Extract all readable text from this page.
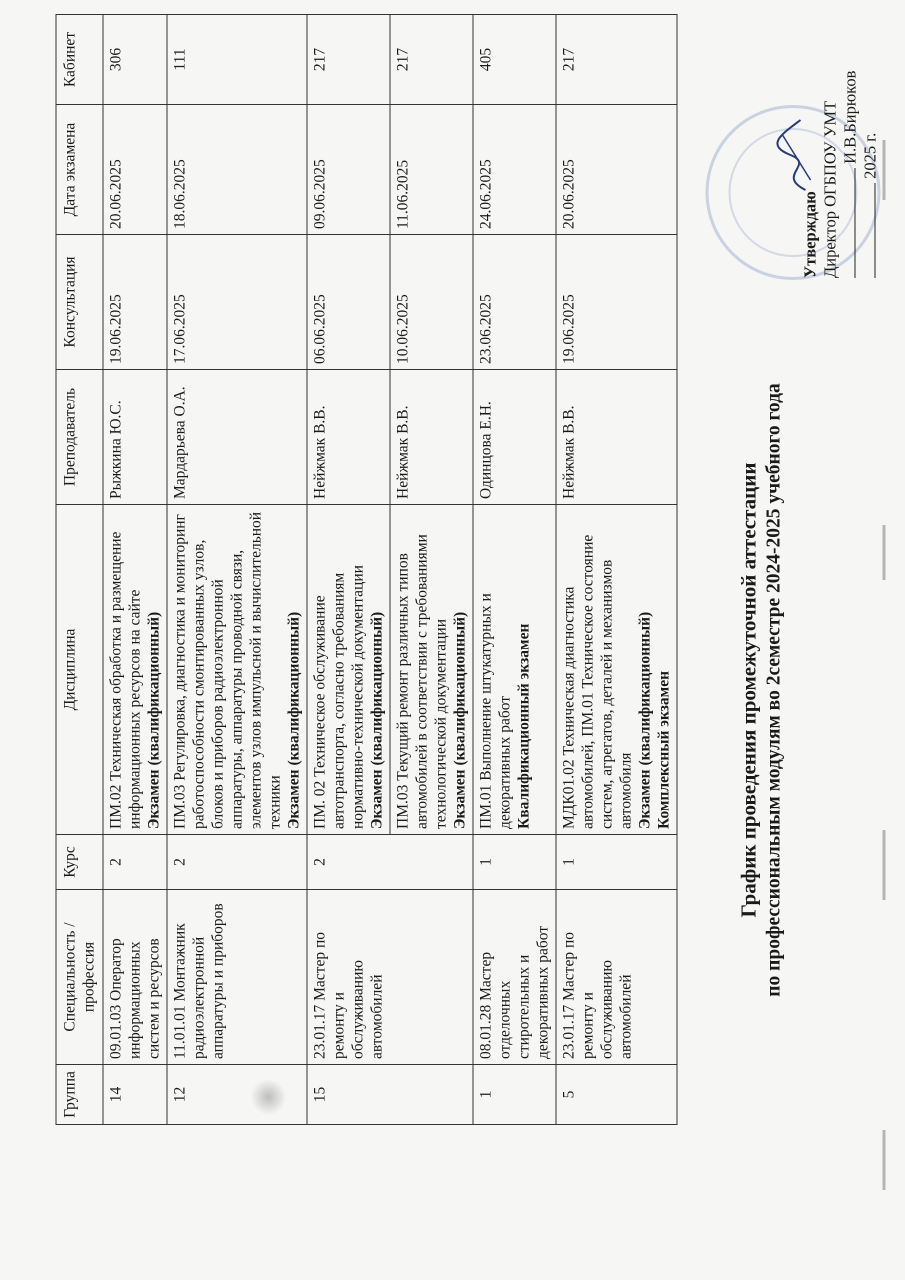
Утверждаю Директор ОГБПОУ УМТ И.В.Бирюков 2025 г.
График проведения промежуточной аттестации по профессиональным модулям во 2семестре 2024-2025 учебного года
Группа	Специальность / профессия	Курс	Дисциплина	Преподаватель	Консультация	Дата экзамена	Кабинет
14	09.01.03 Оператор информационных систем и ресурсов	2	ПМ.02 Техническая обработка и размещение информационных ресурсов на сайте Экзамен (квалификационный)	Рыжкина Ю.С.	19.06.2025	20.06.2025	306
12	11.01.01 Монтажник радиоэлектронной аппаратуры и приборов	2	ПМ.03 Регулировка, диагностика и мониторинг работоспособности смонтированных узлов, блоков и приборов радиоэлектронной аппаратуры, аппаратуры проводной связи, элементов узлов импульсной и вычислительной техники Экзамен (квалификационный)	Мардарьева О.А.	17.06.2025	18.06.2025	111
15	23.01.17 Мастер по ремонту и обслуживанию автомобилей	2	ПМ. 02 Техническое обслуживание автотранспорта, согласно требованиям нормативно-технической документации Экзамен (квалификационный)	Нейжмак В.В.	06.06.2025	09.06.2025	217

			ПМ.03 Текущий ремонт различных типов автомобилей в соответствии с требованиями технологической документации Экзамен (квалификационный)	Нейжмак В.В.	10.06.2025	11.06.2025	217
1	08.01.28 Мастер отделочных стиротельных и декоративных работ	1	ПМ.01 Выполнение штукатурных и декоративных работ Квалификационный экзамен	Одинцова Е.Н.	23.06.2025	24.06.2025	405
5	23.01.17 Мастер по ремонту и обслуживанию автомобилей	1	МДК01.02 Техническая диагностика автомобилей, ПМ.01 Техническое состояние систем, агрегатов, деталей и механизмов автомобиля Экзамен (квалификационный) Комплексный экзамен	Нейжмак В.В.	19.06.2025	20.06.2025	217
